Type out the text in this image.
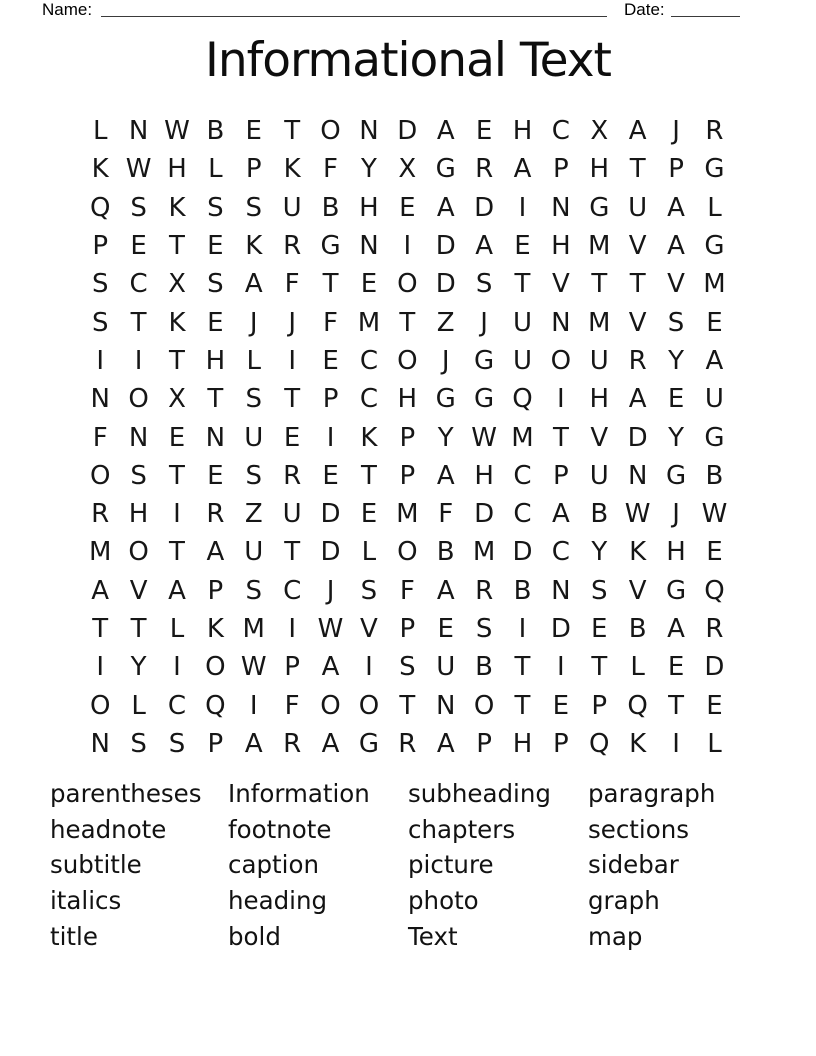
Name:	Date:
Informational Text
L N W B E T O N D A E H C X A J R
K W H L P K F Y X G R A P H T P G
Q S K S S U B H E A D I N G U A L
P E T E K R G N I D A E H M V A G
S C X S A F T E O D S T V T T V M
S T K E	J	J	F M T Z J U N M V S E
I	I	T H L	I	E C O J G U O U R Y A
N O X T S T P C H G G Q I H A E U
F N E N U E	I	K P Y W M T V D Y G
O S T E S R E T P A H C P U N G B
R H I R Z U D E M F D C A B W J W
M O T A U T D L O B M D C Y K H E
A V A P S C J	S F A R B N S V G Q
T T L K M I W V P E S	I D E B A R
I	Y	I O W P A I	S U B T	I	T L E D
O L C Q I	F O O T N O T E P Q T E
N S S P A R A G R A P H P Q K	I	L
parentheses
headnote
subtitle
italics
title
Information
footnote
caption
heading
bold
subheading
chapters
picture
photo
Text
paragraph
sections
sidebar
graph
map
